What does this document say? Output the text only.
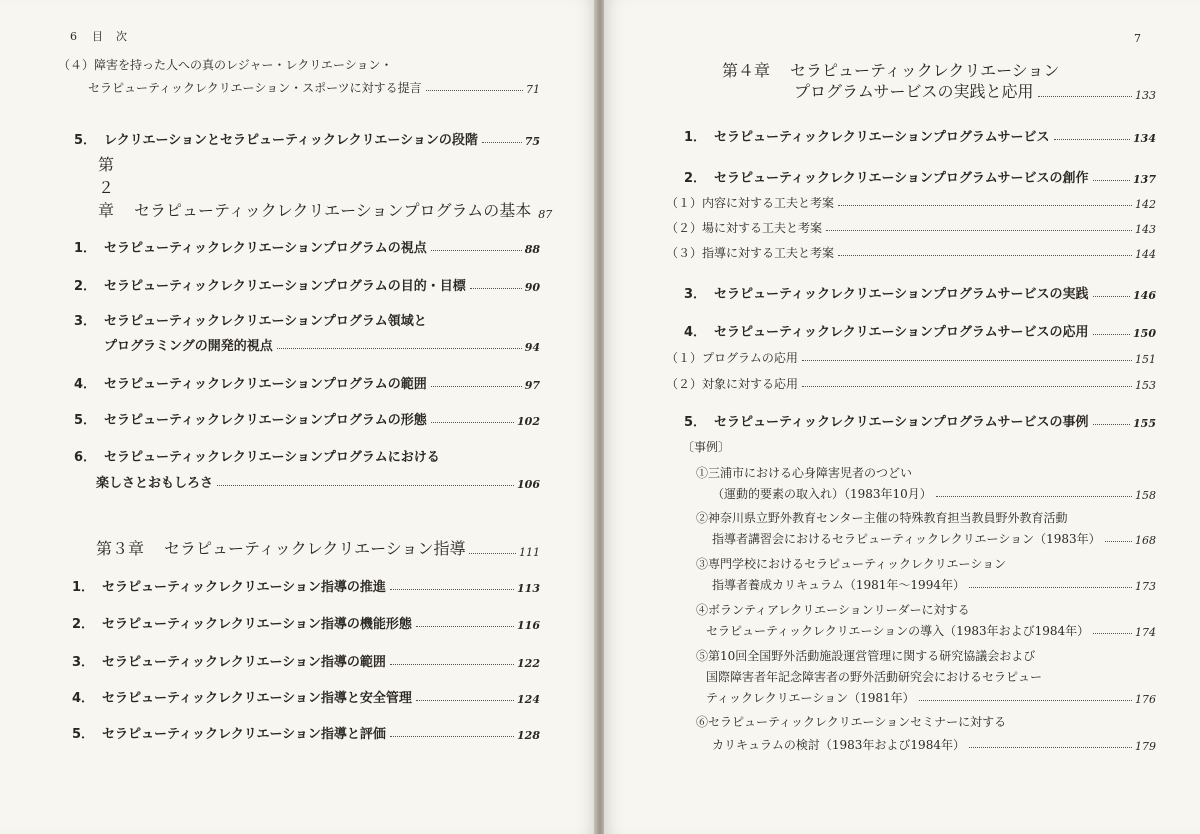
6 目　次
（４）障害を持った人への真のレジャー・レクリエーション・
セラピューティックレクリエーション・スポーツに対する提言	71
5． レクリエーションとセラピューティックレクリエーションの段階	75
第２章 セラピューティックレクリエーションプログラムの基本 87
1． セラピューティックレクリエーションプログラムの視点	88
2． セラピューティックレクリエーションプログラムの目的・目標	90
3． セラピューティックレクリエーションプログラム領域と
プログラミングの開発的視点	94
4． セラピューティックレクリエーションプログラムの範囲	97
5． セラピューティックレクリエーションプログラムの形態	102
6． セラピューティックレクリエーションプログラムにおける
楽しさとおもしろさ	106
第３章 セラピューティックレクリエーション指導	111
1． セラピューティックレクリエーション指導の推進	113
2． セラピューティックレクリエーション指導の機能形態	116
3． セラピューティックレクリエーション指導の範囲	122
4． セラピューティックレクリエーション指導と安全管理	124
5． セラピューティックレクリエーション指導と評価	128
7
第４章 セラピューティックレクリエーション
プログラムサービスの実践と応用	133
1． セラピューティックレクリエーションプログラムサービス	134
2． セラピューティックレクリエーションプログラムサービスの創作	137
（１） 内容に対する工夫と考案	142
（２） 場に対する工夫と考案	143
（３） 指導に対する工夫と考案	144
3． セラピューティックレクリエーションプログラムサービスの実践	146
4． セラピューティックレクリエーションプログラムサービスの応用	150
（１） プログラムの応用	151
（２） 対象に対する応用	153
5． セラピューティックレクリエーションプログラムサービスの事例	155
〔事例〕
①三浦市における心身障害児者のつどい
（運動的要素の取入れ）（1983年10月）	158
②神奈川県立野外教育センター主催の特殊教育担当教員野外教育活動
指導者講習会におけるセラピューティックレクリエーション（1983年）	168
③専門学校におけるセラピューティックレクリエーション
指導者養成カリキュラム（1981年～1994年）	173
④ボランティアレクリエーションリーダーに対する
セラピューティックレクリエーションの導入（1983年および1984年）	174
⑤第10回全国野外活動施設運営管理に関する研究協議会および
国際障害者年記念障害者の野外活動研究会におけるセラピュー
ティックレクリエーション（1981年）	176
⑥セラピューティックレクリエーションセミナーに対する
カリキュラムの検討（1983年および1984年）	179
